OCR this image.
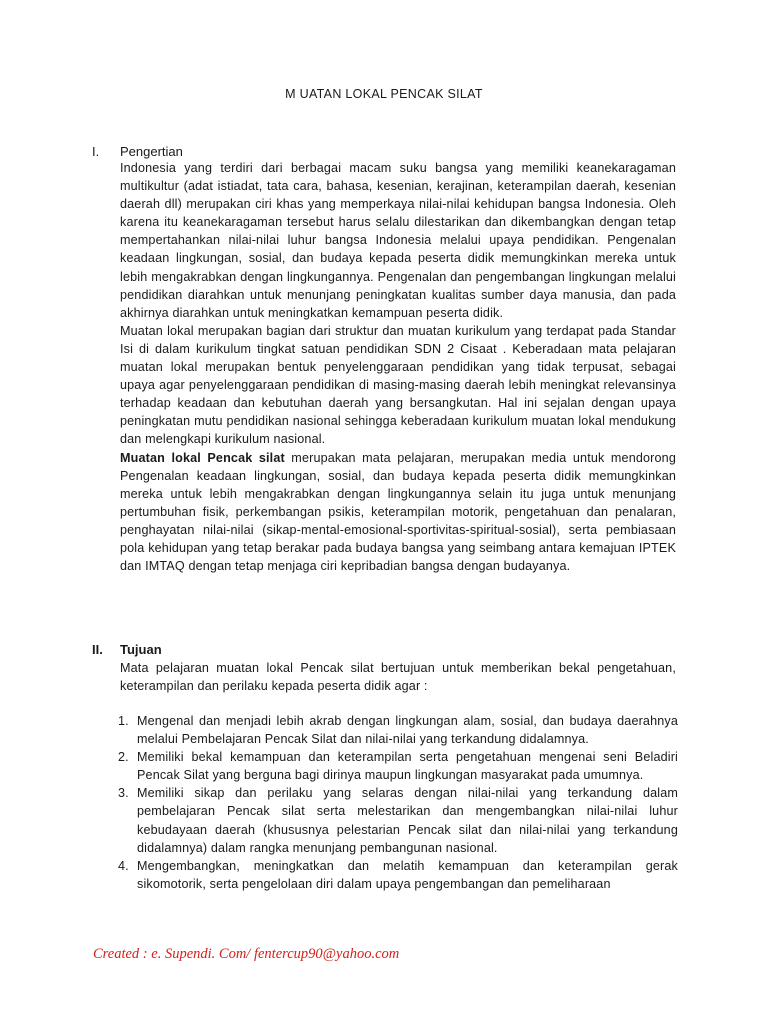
M UATAN LOKAL PENCAK SILAT
I. Pengertian

Indonesia yang terdiri dari berbagai macam suku bangsa yang memiliki keanekaragaman multikultur (adat istiadat, tata cara, bahasa, kesenian, kerajinan, keterampilan daerah, kesenian daerah dll) merupakan ciri khas yang memperkaya nilai-nilai kehidupan bangsa Indonesia. Oleh karena itu keanekaragaman tersebut harus selalu dilestarikan dan dikembangkan dengan tetap mempertahankan nilai-nilai luhur bangsa Indonesia melalui upaya pendidikan. Pengenalan keadaan lingkungan, sosial, dan budaya kepada peserta didik memungkinkan mereka untuk lebih mengakrabkan dengan lingkungannya. Pengenalan dan pengembangan lingkungan melalui pendidikan diarahkan untuk menunjang peningkatan kualitas sumber daya manusia, dan pada akhirnya diarahkan untuk meningkatkan kemampuan peserta didik.

Muatan lokal merupakan bagian dari struktur dan muatan kurikulum yang terdapat pada Standar Isi di dalam kurikulum tingkat satuan pendidikan SDN 2 Cisaat . Keberadaan mata pelajaran muatan lokal merupakan bentuk penyelenggaraan pendidikan yang tidak terpusat, sebagai upaya agar penyelenggaraan pendidikan di masing-masing daerah lebih meningkat relevansinya terhadap keadaan dan kebutuhan daerah yang bersangkutan. Hal ini sejalan dengan upaya peningkatan mutu pendidikan nasional sehingga keberadaan kurikulum muatan lokal mendukung dan melengkapi kurikulum nasional.

Muatan lokal Pencak silat merupakan mata pelajaran, merupakan media untuk mendorong Pengenalan keadaan lingkungan, sosial, dan budaya kepada peserta didik memungkinkan mereka untuk lebih mengakrabkan dengan lingkungannya selain itu juga untuk menunjang pertumbuhan fisik, perkembangan psikis, keterampilan motorik, pengetahuan dan penalaran, penghayatan nilai-nilai (sikap-mental-emosional-sportivitas-spiritual-sosial), serta pembiasaan pola kehidupan yang tetap berakar pada budaya bangsa yang seimbang antara kemajuan IPTEK dan IMTAQ dengan tetap menjaga ciri kepribadian bangsa dengan budayanya.

II. Tujuan
Mata pelajaran muatan lokal Pencak silat bertujuan untuk memberikan bekal pengetahuan, keterampilan dan perilaku kepada peserta didik agar :
1. Mengenal dan menjadi lebih akrab dengan lingkungan alam, sosial, dan budaya daerahnya melalui Pembelajaran Pencak Silat dan nilai-nilai yang terkandung didalamnya.
2. Memiliki bekal kemampuan dan keterampilan serta pengetahuan mengenai seni Beladiri Pencak Silat yang berguna bagi dirinya maupun lingkungan masyarakat pada umumnya.
3. Memiliki sikap dan perilaku yang selaras dengan nilai-nilai yang terkandung dalam pembelajaran Pencak silat serta melestarikan dan mengembangkan nilai-nilai luhur kebudayaan daerah (khususnya pelestarian Pencak silat dan nilai-nilai yang terkandung didalamnya) dalam rangka menunjang pembangunan nasional.
4. Mengembangkan, meningkatkan dan melatih kemampuan dan keterampilan gerak sikomotorik, serta pengelolaan diri dalam upaya pengembangan dan pemeliharaan
Created : e. Supendi. Com/ fentercup90@yahoo.com
